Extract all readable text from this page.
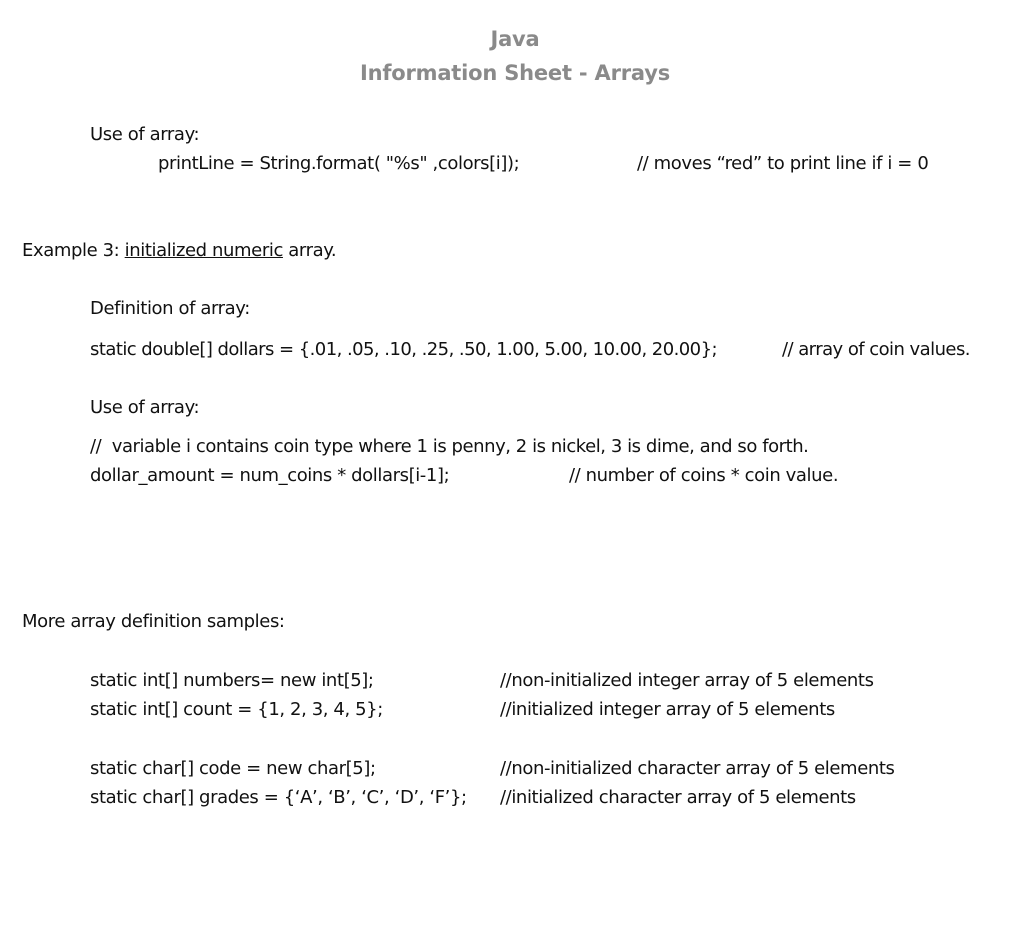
Java
Information Sheet - Arrays
Use of array:
printLine = String.format( "%s" ,colors[i]);	// moves “red” to print line if i = 0
Example 3: initialized numeric array.
Definition of array:
static double[] dollars = {.01, .05, .10, .25, .50, 1.00, 5.00, 10.00, 20.00};	// array of coin values.
Use of array:
//  variable i contains coin type where 1 is penny, 2 is nickel, 3 is dime, and so forth.
dollar_amount = num_coins * dollars[i-1];	// number of coins * coin value.
More array definition samples:
static int[] numbers= new int[5];	//non-initialized integer array of 5 elements
static int[] count = {1, 2, 3, 4, 5};	//initialized integer array of 5 elements
static char[] code = new char[5];	//non-initialized character array of 5 elements
static char[] grades = {‘A’, ‘B’, ‘C’, ‘D’, ‘F’}; //initialized character array of 5 elements
